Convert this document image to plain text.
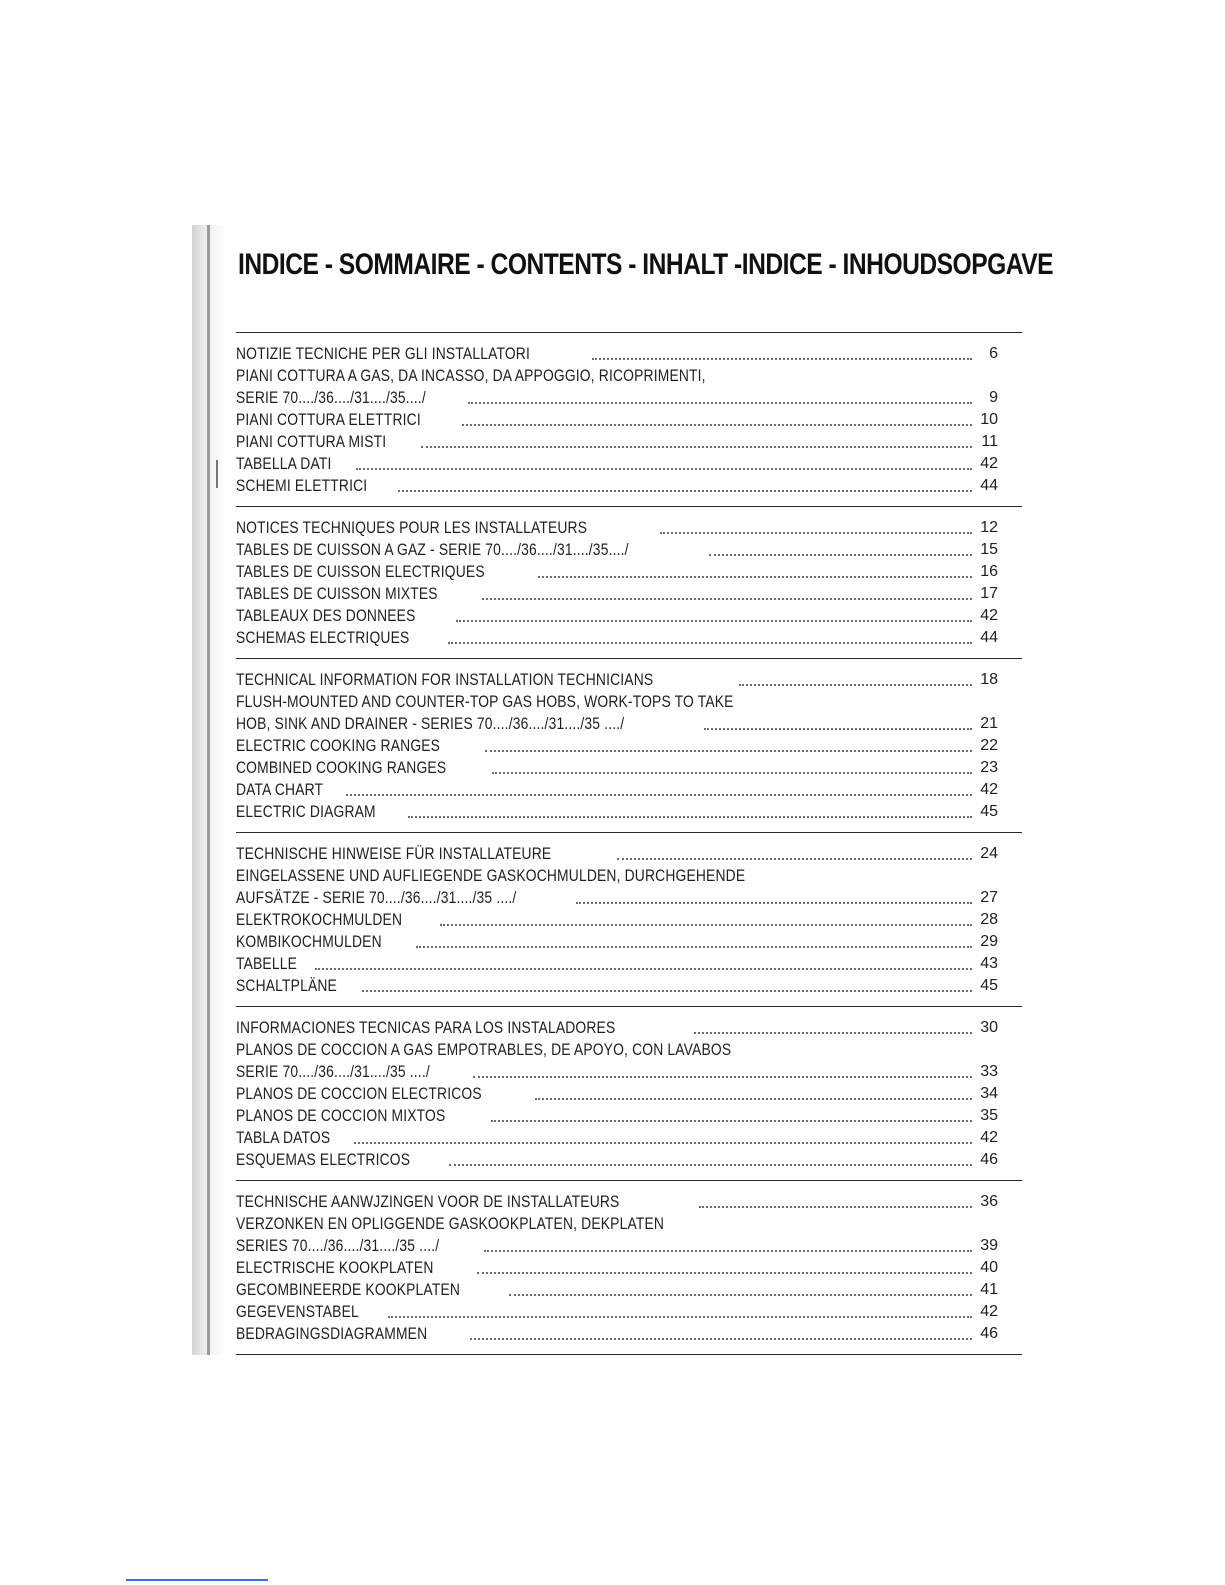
INDICE - SOMMAIRE - CONTENTS - INHALT -INDICE - INHOUDSOPGAVE
NOTIZIE TECNICHE PER GLI INSTALLATORI	6
PIANI COTTURA A GAS, DA INCASSO, DA APPOGGIO, RICOPRIMENTI,
SERIE 70..../36..../31..../35..../	9
PIANI COTTURA ELETTRICI	10
PIANI COTTURA MISTI	11
TABELLA DATI	42
SCHEMI ELETTRICI	44
NOTICES TECHNIQUES POUR LES INSTALLATEURS	12
TABLES DE CUISSON A GAZ - SERIE 70..../36..../31..../35..../	15
TABLES DE CUISSON ELECTRIQUES	16
TABLES DE CUISSON MIXTES	17
TABLEAUX DES DONNEES	42
SCHEMAS ELECTRIQUES	44
TECHNICAL INFORMATION FOR INSTALLATION TECHNICIANS	18
FLUSH-MOUNTED AND COUNTER-TOP GAS HOBS, WORK-TOPS TO TAKE
HOB, SINK AND DRAINER - SERIES 70..../36..../31..../35 ..../	21
ELECTRIC COOKING RANGES	22
COMBINED COOKING RANGES	23
DATA CHART	42
ELECTRIC DIAGRAM	45
TECHNISCHE HINWEISE FÜR INSTALLATEURE	24
EINGELASSENE UND AUFLIEGENDE GASKOCHMULDEN, DURCHGEHENDE
AUFSÄTZE - SERIE 70..../36..../31..../35 ..../	27
ELEKTROKOCHMULDEN	28
KOMBIKOCHMULDEN	29
TABELLE	43
SCHALTPLÄNE	45
INFORMACIONES TECNICAS PARA LOS INSTALADORES	30
PLANOS DE COCCION A GAS EMPOTRABLES, DE APOYO, CON LAVABOS
SERIE 70..../36..../31..../35 ..../	33
PLANOS DE COCCION ELECTRICOS	34
PLANOS DE COCCION MIXTOS	35
TABLA DATOS	42
ESQUEMAS ELECTRICOS	46
TECHNISCHE AANWJZINGEN VOOR DE INSTALLATEURS	36
VERZONKEN EN OPLIGGENDE GASKOOKPLATEN, DEKPLATEN
SERIES 70..../36..../31..../35 ..../	39
ELECTRISCHE KOOKPLATEN	40
GECOMBINEERDE KOOKPLATEN	41
GEGEVENSTABEL	42
BEDRAGINGSDIAGRAMMEN	46
